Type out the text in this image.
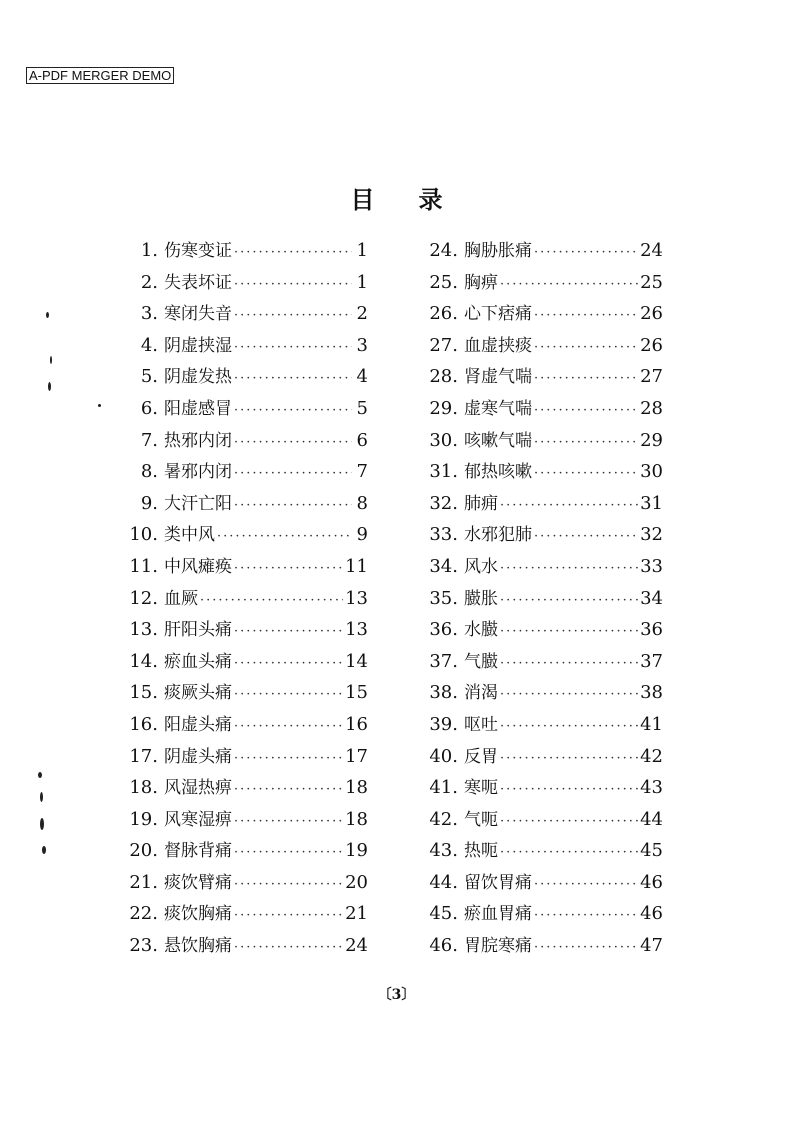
A-PDF MERGER DEMO
目录
1. 伤寒变证 ·····	1
2. 失表坏证 ·····	1
3. 寒闭失音 ·····	2
4. 阴虚挟湿 ·····	3
5. 阴虚发热 ·····	4
6. 阳虚感冒 ·····	5
7. 热邪内闭 ·····	6
8. 暑邪内闭 ·····	7
9. 大汗亡阳 ·····	8
10. 类中风 ·····	9
11. 中风瘫痪 ·····	11
12. 血厥 ·····	13
13. 肝阳头痛 ·····	13
14. 瘀血头痛 ·····	14
15. 痰厥头痛 ·····	15
16. 阳虚头痛 ·····	16
17. 阴虚头痛 ·····	17
18. 风湿热痹 ·····	18
19. 风寒湿痹 ·····	18
20. 督脉背痛 ·····	19
21. 痰饮臂痛 ·····	20
22. 痰饮胸痛 ·····	21
23. 悬饮胸痛 ·····	24
24. 胸胁胀痛 ·····	24
25. 胸痹 ·····	25
26. 心下痞痛 ·····	26
27. 血虚挟痰 ·····	26
28. 肾虚气喘 ·····	27
29. 虚寒气喘 ·····	28
30. 咳嗽气喘 ·····	29
31. 郁热咳嗽 ·····	30
32. 肺痈 ·····	31
33. 水邪犯肺 ·····	32
34. 风水 ·····	33
35. 臌胀 ·····	34
36. 水臌 ·····	36
37. 气臌 ·····	37
38. 消渴 ·····	38
39. 呕吐 ·····	41
40. 反胃 ·····	42
41. 寒呃 ·····	43
42. 气呃 ·····	44
43. 热呃 ·····	45
44. 留饮胃痛 ·····	46
45. 瘀血胃痛 ·····	46
46. 胃脘寒痛 ·····	47
〔3〕
